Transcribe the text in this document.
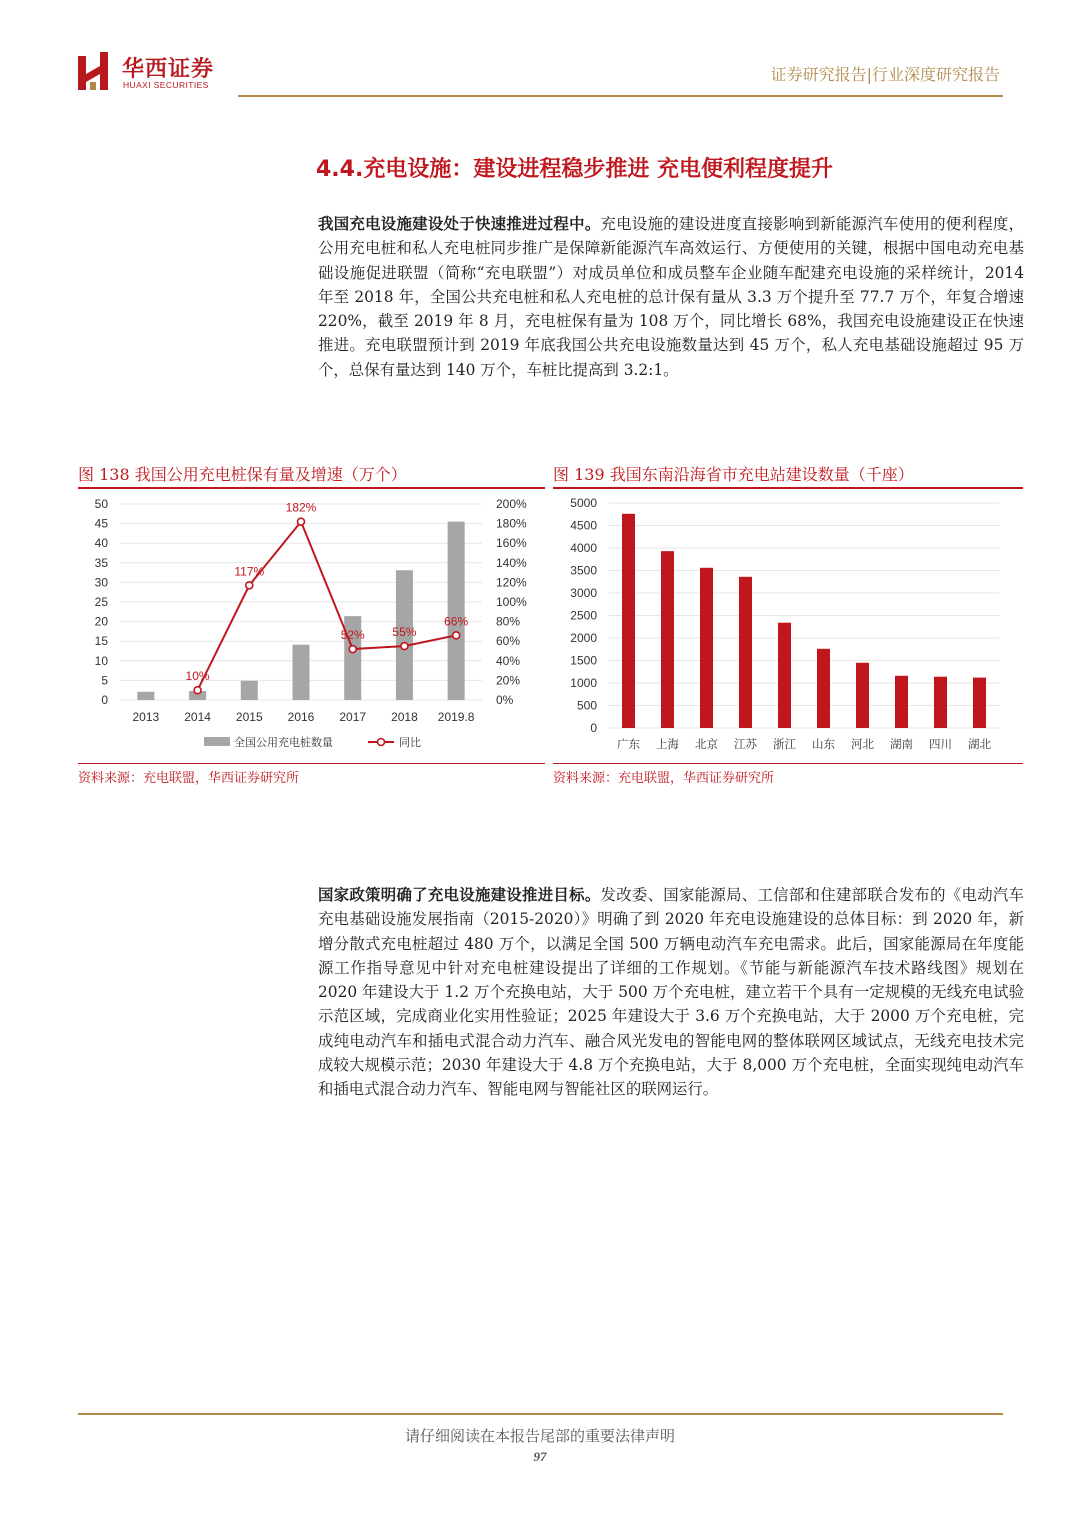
华西证券
HUAXI SECURITIES
证券研究报告|行业深度研究报告
4.4.充电设施：建设进程稳步推进 充电便利程度提升
我国充电设施建设处于快速推进过程中。充电设施的建设进度直接影响到新能源汽车使用的便利程度，公用充电桩和私人充电桩同步推广是保障新能源汽车高效运行、方便使用的关键，根据中国电动充电基础设施促进联盟（简称“充电联盟”）对成员单位和成员整车企业随车配建充电设施的采样统计，2014 年至 2018 年，全国公共充电桩和私人充电桩的总计保有量从 3.3 万个提升至 77.7 万个，年复合增速 220%，截至 2019 年 8 月，充电桩保有量为 108 万个，同比增长 68%，我国充电设施建设正在快速推进。充电联盟预计到 2019 年底我国公共充电设施数量达到 45 万个，私人充电基础设施超过 95 万个，总保有量达到 140 万个，车桩比提高到 3.2:1。
图 138 我国公用充电桩保有量及增速（万个）
0
5
10
15
20
25
30
35
40
45
50
0%
20%
40%
60%
80%
100%
120%
140%
160%
180%
200%
2013 2014 2015 2016 2017 2018 2019.8
10%
117%
182%
52% 55%
66%
全国公用充电桩数量	同比
资料来源：充电联盟，华西证券研究所
图 139 我国东南沿海省市充电站建设数量（千座）
0
500
1000
1500
2000
2500
3000
3500
4000
4500
5000
广东 上海 北京 江苏 浙江 山东 河北 湖南 四川 湖北
资料来源：充电联盟，华西证券研究所
国家政策明确了充电设施建设推进目标。发改委、国家能源局、工信部和住建部联合发布的《电动汽车充电基础设施发展指南（2015-2020）》明确了到 2020 年充电设施建设的总体目标：到 2020 年，新增分散式充电桩超过 480 万个，以满足全国 500 万辆电动汽车充电需求。此后，国家能源局在年度能源工作指导意见中针对充电桩建设提出了详细的工作规划。《节能与新能源汽车技术路线图》规划在 2020 年建设大于 1.2 万个充换电站，大于 500 万个充电桩，建立若干个具有一定规模的无线充电试验示范区域，完成商业化实用性验证；2025 年建设大于 3.6 万个充换电站，大于 2000 万个充电桩，完成纯电动汽车和插电式混合动力汽车、融合风光发电的智能电网的整体联网区域试点，无线充电技术完成较大规模示范；2030 年建设大于 4.8 万个充换电站，大于 8,000 万个充电桩，全面实现纯电动汽车和插电式混合动力汽车、智能电网与智能社区的联网运行。
请仔细阅读在本报告尾部的重要法律声明
97
